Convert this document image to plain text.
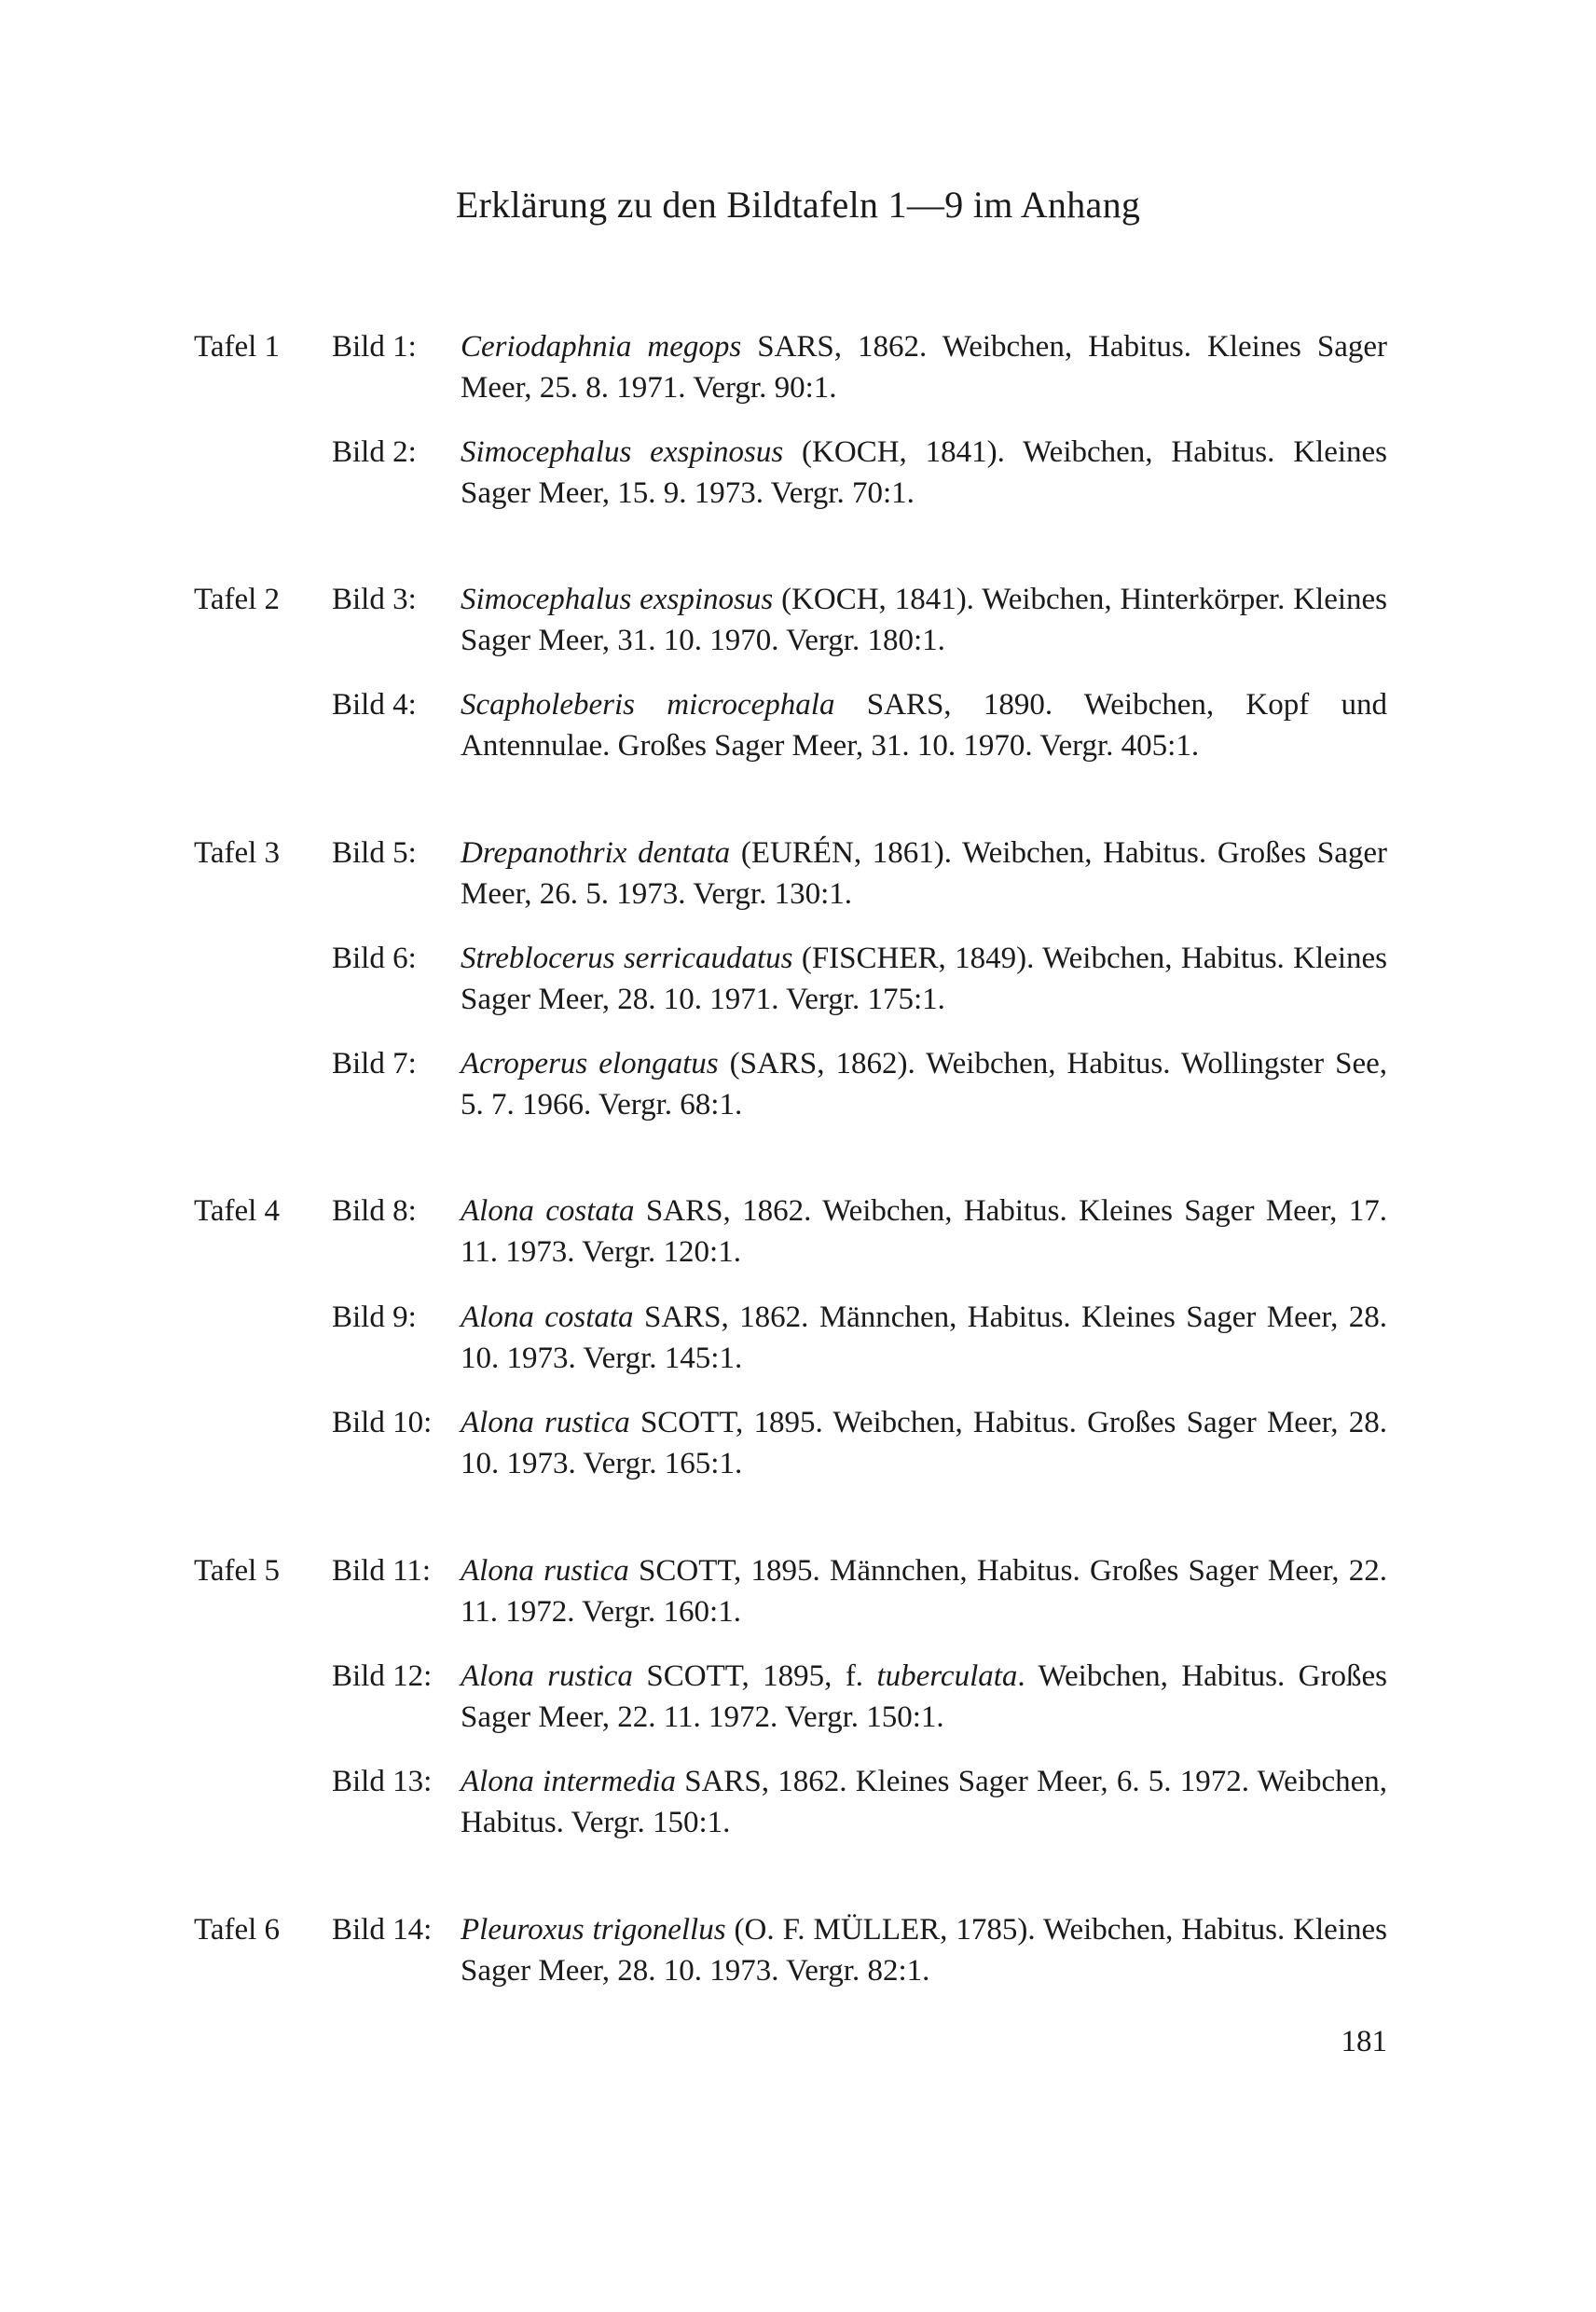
Erklärung zu den Bildtafeln 1—9 im Anhang
Tafel 1 Bild 1: Ceriodaphnia megops SARS, 1862. Weibchen, Habitus. Kleines Sager Meer, 25. 8. 1971. Vergr. 90:1.
Bild 2: Simocephalus exspinosus (KOCH, 1841). Weibchen, Habitus. Kleines Sager Meer, 15. 9. 1973. Vergr. 70:1.
Tafel 2 Bild 3: Simocephalus exspinosus (KOCH, 1841). Weibchen, Hinterkörper. Kleines Sager Meer, 31. 10. 1970. Vergr. 180:1.
Bild 4: Scapholeberis microcephala SARS, 1890. Weibchen, Kopf und Antennulae. Großes Sager Meer, 31. 10. 1970. Vergr. 405:1.
Tafel 3 Bild 5: Drepanothrix dentata (EURÉN, 1861). Weibchen, Habitus. Großes Sager Meer, 26. 5. 1973. Vergr. 130:1.
Bild 6: Streblocerus serricaudatus (FISCHER, 1849). Weibchen, Habitus. Kleines Sager Meer, 28. 10. 1971. Vergr. 175:1.
Bild 7: Acroperus elongatus (SARS, 1862). Weibchen, Habitus. Wollingster See, 5. 7. 1966. Vergr. 68:1.
Tafel 4 Bild 8: Alona costata SARS, 1862. Weibchen, Habitus. Kleines Sager Meer, 17. 11. 1973. Vergr. 120:1.
Bild 9: Alona costata SARS, 1862. Männchen, Habitus. Kleines Sager Meer, 28. 10. 1973. Vergr. 145:1.
Bild 10: Alona rustica SCOTT, 1895. Weibchen, Habitus. Großes Sager Meer, 28. 10. 1973. Vergr. 165:1.
Tafel 5 Bild 11: Alona rustica SCOTT, 1895. Männchen, Habitus. Großes Sager Meer, 22. 11. 1972. Vergr. 160:1.
Bild 12: Alona rustica SCOTT, 1895, f. tuberculata. Weibchen, Habitus. Großes Sager Meer, 22. 11. 1972. Vergr. 150:1.
Bild 13: Alona intermedia SARS, 1862. Kleines Sager Meer, 6. 5. 1972. Weibchen, Habitus. Vergr. 150:1.
Tafel 6 Bild 14: Pleuroxus trigonellus (O. F. MÜLLER, 1785). Weibchen, Habitus. Kleines Sager Meer, 28. 10. 1973. Vergr. 82:1.
181
